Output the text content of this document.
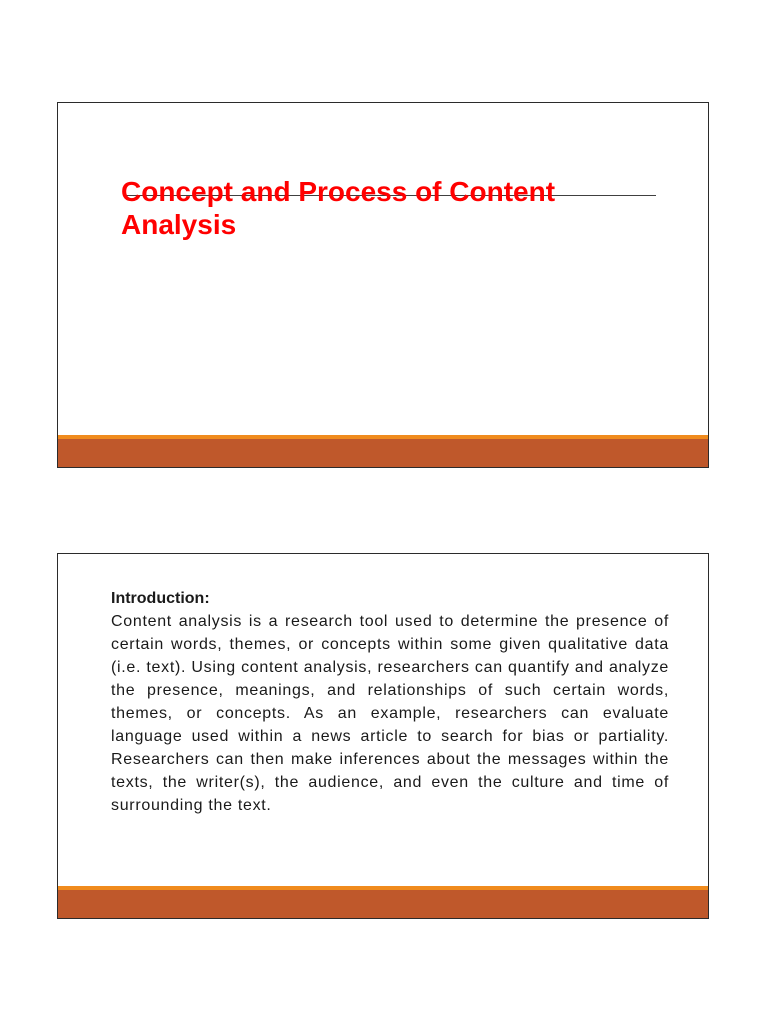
Concept and Process of Content Analysis
Introduction:
Content analysis is a research tool used to determine the presence of certain words, themes, or concepts within some given qualitative data (i.e. text). Using content analysis, researchers can quantify and analyze the presence, meanings, and relationships of such certain words, themes, or concepts. As an example, researchers can evaluate language used within a news article to search for bias or partiality. Researchers can then make inferences about the messages within the texts, the writer(s), the audience, and even the culture and time of surrounding the text.
